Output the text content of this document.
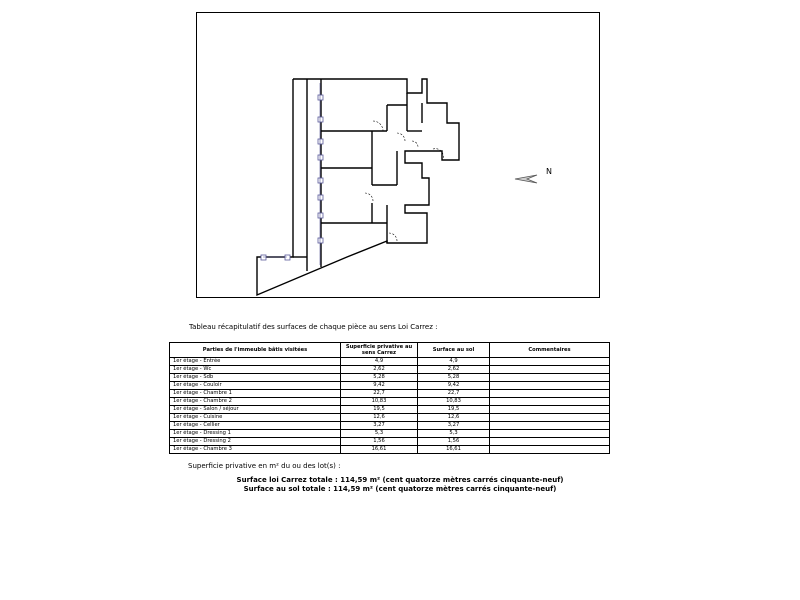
N
Tableau récapitulatif des surfaces de chaque pièce au sens Loi Carrez :
Parties de l'immeuble bâtis visitées	Superficie privative au sens Carrez	Surface au sol	Commentaires
1er étage - Entrée	4,9	4,9	
1er étage - Wc	2,62	2,62	
1er étage - Sdb	5,28	5,28	
1er étage - Couloir	9,42	9,42	
1er étage - Chambre 1	22,7	22,7	
1er étage - Chambre 2	10,83	10,83	
1er étage - Salon / séjour	19,5	19,5	
1er étage - Cuisine	12,6	12,6	
1er étage - Cellier	3,27	3,27	
1er étage - Dressing 1	5,3	5,3	
1er étage - Dressing 2	1,56	1,56	
1er étage - Chambre 3	16,61	16,61	
Superficie privative en m² du ou des lot(s) :
Surface loi Carrez totale : 114,59 m² (cent quatorze mètres carrés cinquante-neuf)
Surface au sol totale : 114,59 m² (cent quatorze mètres carrés cinquante-neuf)
